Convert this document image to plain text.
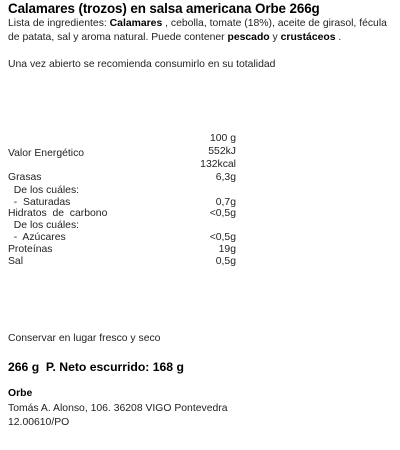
Calamares (trozos) en salsa americana Orbe 266g
Lista de ingredientes: Calamares , cebolla, tomate (18%), aceite de girasol, fécula de patata, sal y aroma natural. Puede contener pescado y crustáceos .
Una vez abierto se recomienda consumirlo en su totalidad
100 g
Valor Energético	552kJ
132kcal
Grasas	6,3g
De los cuáles:
-  Saturadas	0,7g
Hidratos  de  carbono	<0,5g
De los cuáles:
-  Azúcares	<0,5g
Proteínas	19g
Sal	0,5g
Conservar en lugar fresco y seco
266 g  P. Neto escurrido: 168 g
Orbe
Tomás A. Alonso, 106. 36208 VIGO Pontevedra
12.00610/PO
